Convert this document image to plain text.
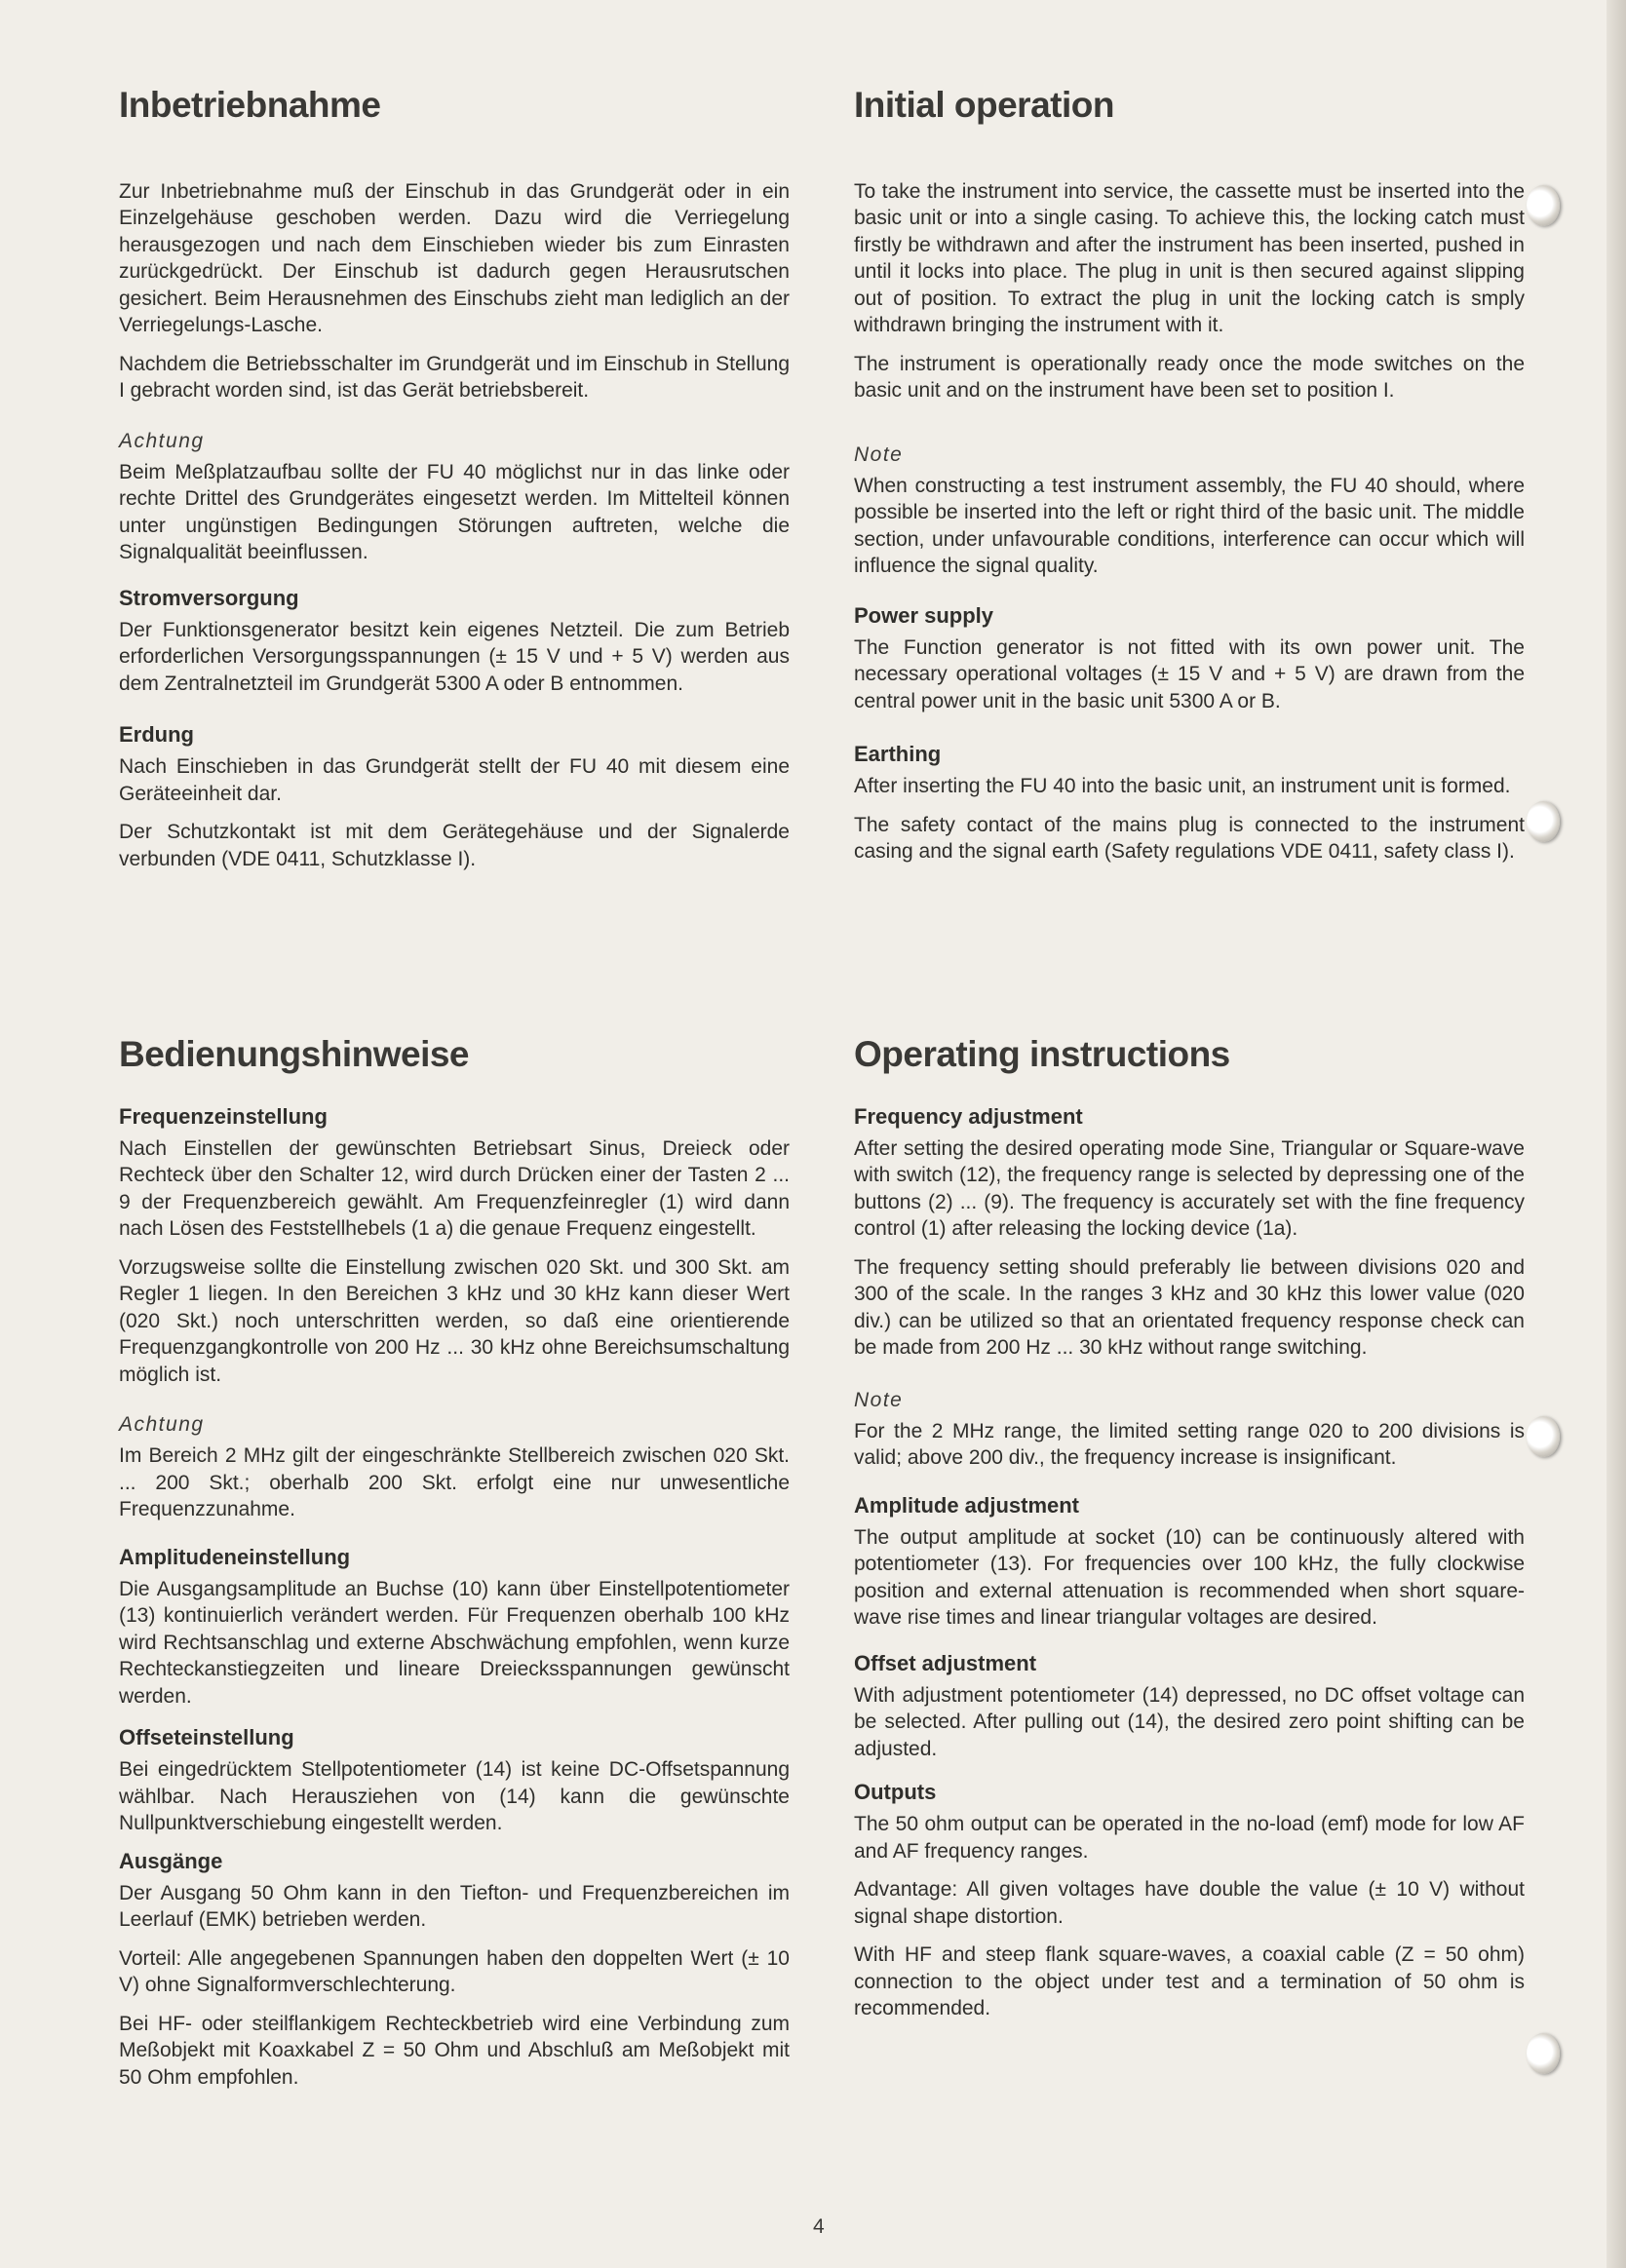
Inbetriebnahme

Zur Inbetriebnahme muß der Einschub in das Grundgerät oder in ein Einzelgehäuse geschoben werden. Dazu wird die Verriegelung herausgezogen und nach dem Einschieben wieder bis zum Einrasten zurückgedrückt. Der Einschub ist dadurch gegen Herausrutschen gesichert. Beim Herausnehmen des Einschubs zieht man lediglich an der Verriegelungs-Lasche.

Nachdem die Betriebsschalter im Grundgerät und im Einschub in Stellung I gebracht worden sind, ist das Gerät betriebsbereit.

Achtung

Beim Meßplatzaufbau sollte der FU 40 möglichst nur in das linke oder rechte Drittel des Grundgerätes eingesetzt werden. Im Mittelteil können unter ungünstigen Bedingungen Störungen auftreten, welche die Signalqualität beeinflussen.

Stromversorgung

Der Funktionsgenerator besitzt kein eigenes Netzteil. Die zum Betrieb erforderlichen Versorgungsspannungen (± 15 V und + 5 V) werden aus dem Zentralnetzteil im Grundgerät 5300 A oder B entnommen.

Erdung

Nach Einschieben in das Grundgerät stellt der FU 40 mit diesem eine Geräteeinheit dar.

Der Schutzkontakt ist mit dem Gerätegehäuse und der Signalerde verbunden (VDE 0411, Schutzklasse I).

Initial operation

To take the instrument into service, the cassette must be inserted into the basic unit or into a single casing. To achieve this, the locking catch must firstly be withdrawn and after the instrument has been inserted, pushed in until it locks into place. The plug in unit is then secured against slipping out of position. To extract the plug in unit the locking catch is smply withdrawn bringing the instrument with it.

The instrument is operationally ready once the mode switches on the basic unit and on the instrument have been set to position I.

Note

When constructing a test instrument assembly, the FU 40 should, where possible be inserted into the left or right third of the basic unit. The middle section, under unfavourable conditions, interference can occur which will influence the signal quality.

Power supply

The Function generator is not fitted with its own power unit. The necessary operational voltages (± 15 V and + 5 V) are drawn from the central power unit in the basic unit 5300 A or B.

Earthing

After inserting the FU 40 into the basic unit, an instrument unit is formed.

The safety contact of the mains plug is connected to the instrument casing and the signal earth (Safety regulations VDE 0411, safety class I).

Bedienungshinweise
Frequenzeinstellung

Nach Einstellen der gewünschten Betriebsart Sinus, Dreieck oder Rechteck über den Schalter 12, wird durch Drücken einer der Tasten 2 ... 9 der Frequenzbereich gewählt. Am Frequenzfeinregler (1) wird dann nach Lösen des Feststellhebels (1 a) die genaue Frequenz eingestellt.

Vorzugsweise sollte die Einstellung zwischen 020 Skt. und 300 Skt. am Regler 1 liegen. In den Bereichen 3 kHz und 30 kHz kann dieser Wert (020 Skt.) noch unterschritten werden, so daß eine orientierende Frequenzgangkontrolle von 200 Hz ... 30 kHz ohne Bereichsumschaltung möglich ist.

Achtung

Im Bereich 2 MHz gilt der eingeschränkte Stellbereich zwischen 020 Skt. ... 200 Skt.; oberhalb 200 Skt. erfolgt eine nur unwesentliche Frequenzzunahme.

Amplitudeneinstellung

Die Ausgangsamplitude an Buchse (10) kann über Einstellpotentiometer (13) kontinuierlich verändert werden. Für Frequenzen oberhalb 100 kHz wird Rechtsanschlag und externe Abschwächung empfohlen, wenn kurze Rechteckanstiegzeiten und lineare Dreiecksspannungen gewünscht werden.

Offseteinstellung

Bei eingedrücktem Stellpotentiometer (14) ist keine DC-Offsetspannung wählbar. Nach Herausziehen von (14) kann die gewünschte Nullpunktverschiebung eingestellt werden.

Ausgänge

Der Ausgang 50 Ohm kann in den Tiefton- und Frequenzbereichen im Leerlauf (EMK) betrieben werden.

Vorteil: Alle angegebenen Spannungen haben den doppelten Wert (± 10 V) ohne Signalformverschlechterung.

Bei HF- oder steilflankigem Rechteckbetrieb wird eine Verbindung zum Meßobjekt mit Koaxkabel Z = 50 Ohm und Abschluß am Meßobjekt mit 50 Ohm empfohlen.

Operating instructions
Frequency adjustment

After setting the desired operating mode Sine, Triangular or Square-wave with switch (12), the frequency range is selected by depressing one of the buttons (2) ... (9). The frequency is accurately set with the fine frequency control (1) after releasing the locking device (1a).

The frequency setting should preferably lie between divisions 020 and 300 of the scale. In the ranges 3 kHz and 30 kHz this lower value (020 div.) can be utilized so that an orientated frequency response check can be made from 200 Hz ... 30 kHz without range switching.

Note

For the 2 MHz range, the limited setting range 020 to 200 divisions is valid; above 200 div., the frequency increase is insignificant.

Amplitude adjustment

The output amplitude at socket (10) can be continuously altered with potentiometer (13). For frequencies over 100 kHz, the fully clockwise position and external attenuation is recommended when short square-wave rise times and linear triangular voltages are desired.

Offset adjustment

With adjustment potentiometer (14) depressed, no DC offset voltage can be selected. After pulling out (14), the desired zero point shifting can be adjusted.

Outputs

The 50 ohm output can be operated in the no-load (emf) mode for low AF and AF frequency ranges.

Advantage: All given voltages have double the value (± 10 V) without signal shape distortion.

With HF and steep flank square-waves, a coaxial cable (Z = 50 ohm) connection to the object under test and a termination of 50 ohm is recommended.

4
